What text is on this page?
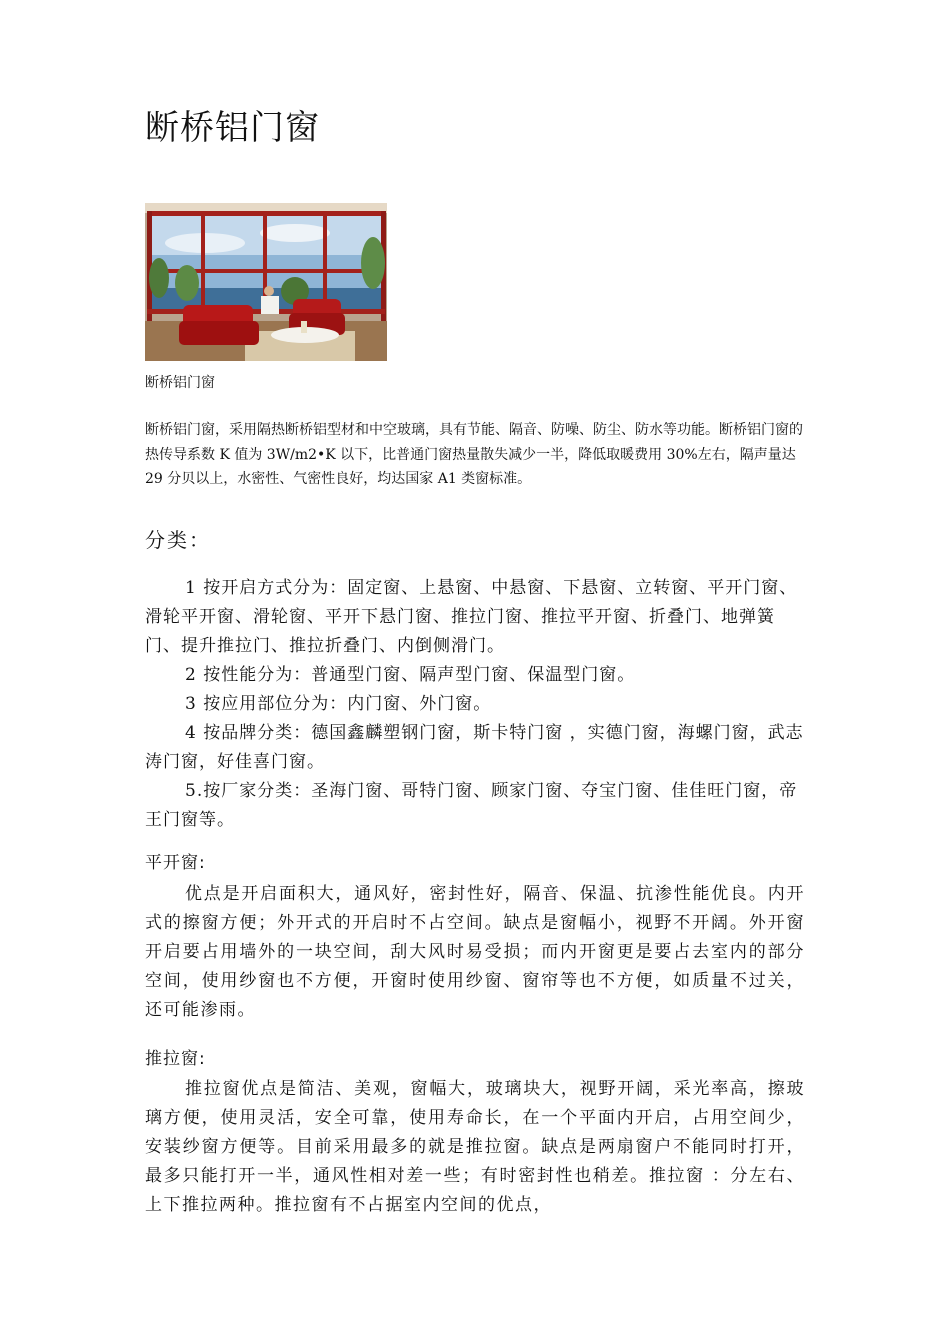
断桥铝门窗
断桥铝门窗

断桥铝门窗，采用隔热断桥铝型材和中空玻璃，具有节能、隔音、防噪、防尘、防水等功能。断桥铝门窗的热传导系数 K 值为 3W/m2•K 以下，比普通门窗热量散失减少一半，降低取暖费用 30%左右，隔声量达 29 分贝以上，水密性、气密性良好，均达国家 A1 类窗标准。

分类：

1 按开启方式分为：固定窗、上悬窗、中悬窗、下悬窗、立转窗、平开门窗、滑轮平开窗、滑轮窗、平开下悬门窗、推拉门窗、推拉平开窗、折叠门、地弹簧门、提升推拉门、推拉折叠门、内倒侧滑门。

2 按性能分为：普通型门窗、隔声型门窗、保温型门窗。

3 按应用部位分为：内门窗、外门窗。

4 按品牌分类：德国鑫麟塑钢门窗，斯卡特门窗 ，实德门窗，海螺门窗，武志涛门窗，好佳喜门窗。

5.按厂家分类：圣海门窗、哥特门窗、顾家门窗、夺宝门窗、佳佳旺门窗，帝王门窗等。

平开窗:

优点是开启面积大，通风好，密封性好，隔音、保温、抗渗性能优良。内开式的擦窗方便；外开式的开启时不占空间。缺点是窗幅小，视野不开阔。外开窗开启要占用墙外的一块空间，刮大风时易受损；而内开窗更是要占去室内的部分空间，使用纱窗也不方便，开窗时使用纱窗、窗帘等也不方便，如质量不过关，还可能渗雨。

推拉窗:

推拉窗优点是简洁、美观，窗幅大，玻璃块大，视野开阔，采光率高，擦玻璃方便，使用灵活，安全可靠，使用寿命长，在一个平面内开启，占用空间少，安装纱窗方便等。目前采用最多的就是推拉窗。缺点是两扇窗户不能同时打开，最多只能打开一半，通风性相对差一些；有时密封性也稍差。推拉窗 ：分左右、上下推拉两种。推拉窗有不占据室内空间的优点，
